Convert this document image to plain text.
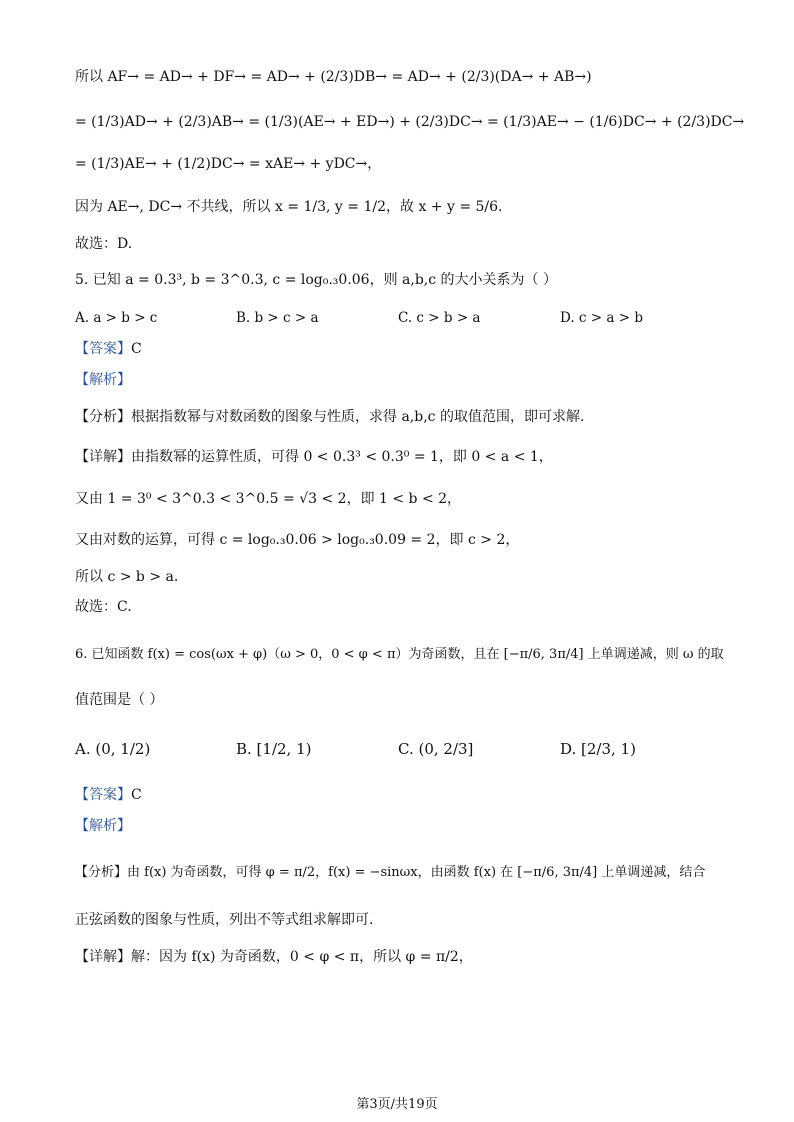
所以 AF→ = AD→ + DF→ = AD→ + (2/3)DB→ = AD→ + (2/3)(DA→ + AB→)
= (1/3)AD→ + (2/3)AB→ = (1/3)(AE→ + ED→) + (2/3)DC→ = (1/3)AE→ − (1/6)DC→ + (2/3)DC→
= (1/3)AE→ + (1/2)DC→ = xAE→ + yDC→，
因为 AE→, DC→ 不共线，所以 x = 1/3, y = 1/2，故 x + y = 5/6.
故选：D.
5. 已知 a = 0.3³, b = 3^0.3, c = log₀.₃0.06，则 a,b,c 的大小关系为（ ）
A. a > b > c	B. b > c > a	C. c > b > a	D. c > a > b
【答案】C
【解析】
【分析】根据指数幂与对数函数的图象与性质，求得 a,b,c 的取值范围，即可求解.
【详解】由指数幂的运算性质，可得 0 < 0.3³ < 0.3⁰ = 1，即 0 < a < 1，
又由 1 = 3⁰ < 3^0.3 < 3^0.5 = √3 < 2，即 1 < b < 2，
又由对数的运算，可得 c = log₀.₃0.06 > log₀.₃0.09 = 2，即 c > 2，
所以 c > b > a.
故选：C.
6. 已知函数 f(x) = cos(ωx + φ)（ω > 0，0 < φ < π）为奇函数，且在 [−π/6, 3π/4] 上单调递减，则 ω 的取
值范围是（ ）
A. (0, 1/2)	B. [1/2, 1)	C. (0, 2/3]	D. [2/3, 1)
【答案】C
【解析】
【分析】由 f(x) 为奇函数，可得 φ = π/2，f(x) = −sinωx，由函数 f(x) 在 [−π/6, 3π/4] 上单调递减，结合
正弦函数的图象与性质，列出不等式组求解即可.
【详解】解：因为 f(x) 为奇函数，0 < φ < π，所以 φ = π/2，
第3页/共19页
